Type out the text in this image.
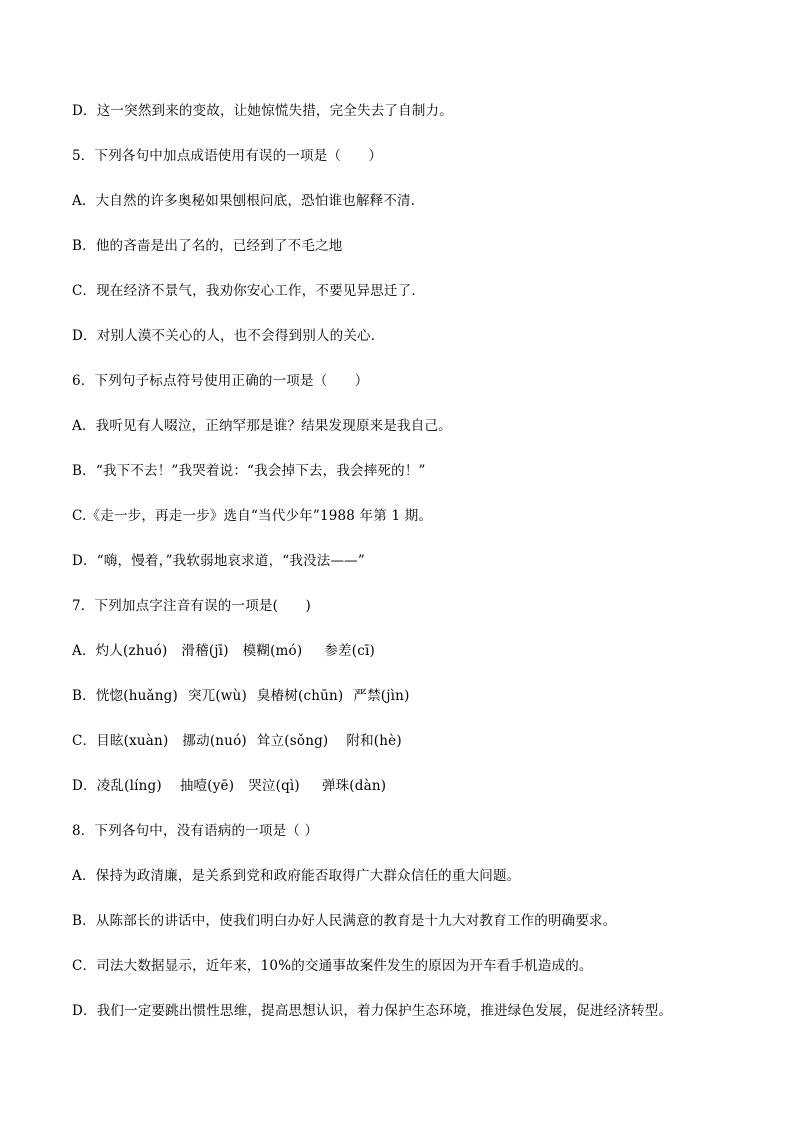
D．这一突然到来的变故，让她惊慌失措，完全失去了自制力。
5．下列各句中加点成语使用有误的一项是（　　）
A．大自然的许多奥秘如果刨根问底，恐怕谁也解释不清．
B．他的吝啬是出了名的，已经到了不毛之地
C．现在经济不景气，我劝你安心工作，不要见异思迁了．
D．对别人漠不关心的人，也不会得到别人的关心．
6．下列句子标点符号使用正确的一项是（　　）
A．我听见有人啜泣，正纳罕那是谁？结果发现原来是我自己。
B．“我下不去！”我哭着说：“我会掉下去，我会摔死的！”
C.《走一步，再走一步》选自“当代少年”1988 年第 1 期。
D．“嗨，慢着，”我软弱地哀求道，“我没法——”
7．下列加点字注音有误的一项是(　　)
A．灼人(zhuó) 滑稽(jī) 模糊(mó) 参差(cī)
B．恍惚(huǎng) 突兀(wù) 臭椿树(chūn) 严禁(jìn)
C．目眩(xuàn) 挪动(nuó) 耸立(sǒng) 附和(hè)
D．凌乱(líng) 抽噎(yē) 哭泣(qì) 弹珠(dàn)
8．下列各句中，没有语病的一项是（ ）
A．保持为政清廉，是关系到党和政府能否取得广大群众信任的重大问题。
B．从陈部长的讲话中，使我们明白办好人民满意的教育是十九大对教育工作的明确要求。
C．司法大数据显示，近年来，10%的交通事故案件发生的原因为开车看手机造成的。
D．我们一定要跳出惯性思维，提高思想认识，着力保护生态环境，推进绿色发展，促进经济转型。
